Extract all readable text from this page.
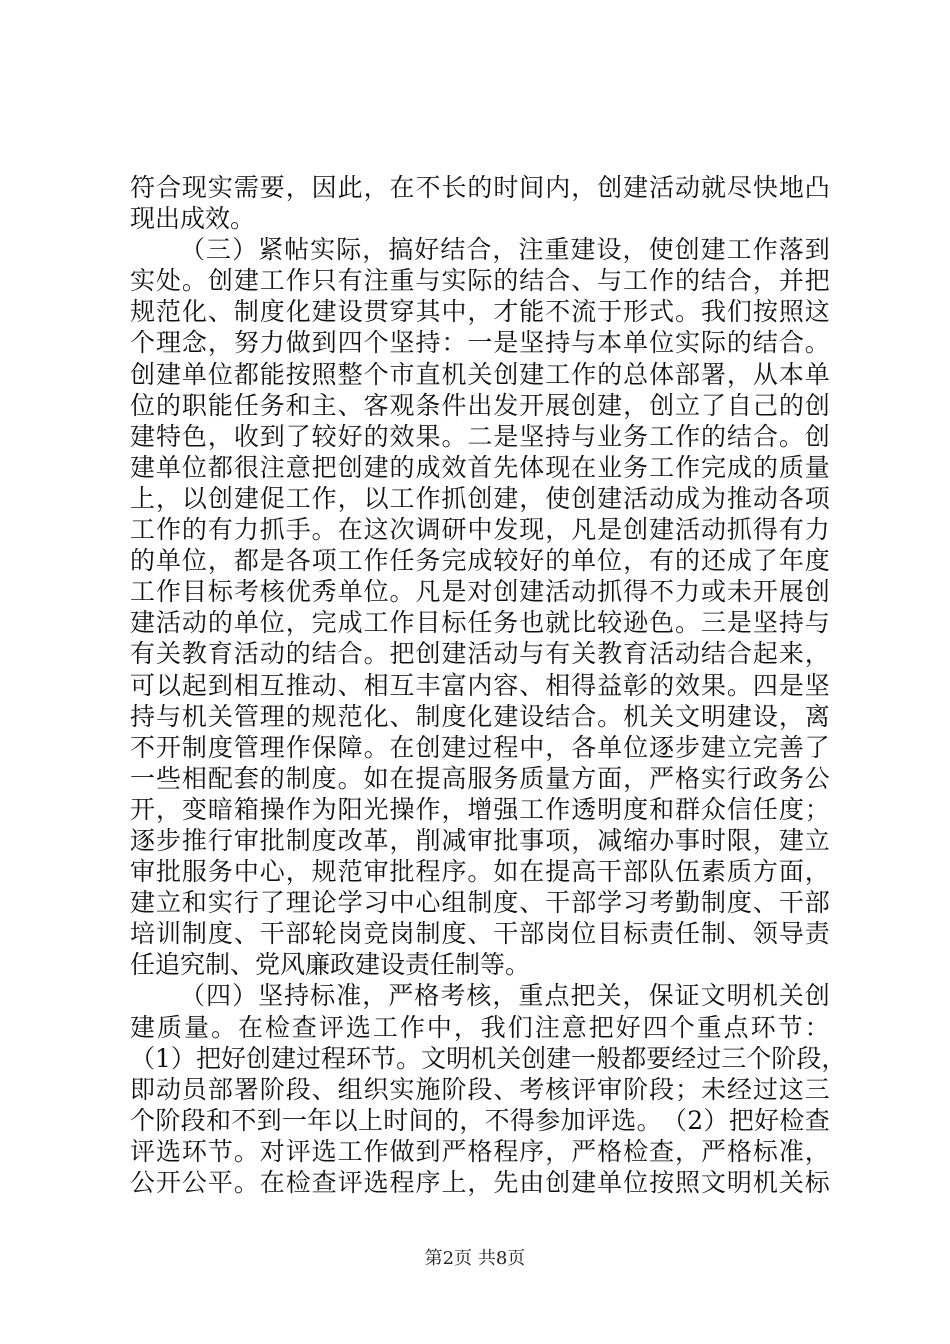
符 合 现 实 需 要 ， 因 此 ， 在 不 长 的 时 间 内 ， 创 建 活 动 就 尽 快 地 凸
现出成效。
（ 三 ） 紧 帖 实 际 ， 搞 好 结 合 ， 注 重 建 设 ， 使 创 建 工 作 落 到
实 处 。 创 建 工 作 只 有 注 重 与 实 际 的 结 合 、 与 工 作 的 结 合 ， 并 把
规 范 化 、 制 度 化 建 设 贯 穿 其 中 ， 才 能 不 流 于 形 式 。 我 们 按 照 这
个 理 念 ， 努 力 做 到 四 个 坚 持 ： 一 是 坚 持 与 本 单 位 实 际 的 结 合 。
创 建 单 位 都 能 按 照 整 个 市 直 机 关 创 建 工 作 的 总 体 部 署 ， 从 本 单
位 的 职 能 任 务 和 主 、 客 观 条 件 出 发 开 展 创 建 ， 创 立 了 自 己 的 创
建 特 色 ， 收 到 了 较 好 的 效 果 。 二 是 坚 持 与 业 务 工 作 的 结 合 。 创
建 单 位 都 很 注 意 把 创 建 的 成 效 首 先 体 现 在 业 务 工 作 完 成 的 质 量
上 ， 以 创 建 促 工 作 ， 以 工 作 抓 创 建 ， 使 创 建 活 动 成 为 推 动 各 项
工 作 的 有 力 抓 手 。 在 这 次 调 研 中 发 现 ， 凡 是 创 建 活 动 抓 得 有 力
的 单 位 ， 都 是 各 项 工 作 任 务 完 成 较 好 的 单 位 ， 有 的 还 成 了 年 度
工 作 目 标 考 核 优 秀 单 位 。 凡 是 对 创 建 活 动 抓 得 不 力 或 未 开 展 创
建 活 动 的 单 位 ， 完 成 工 作 目 标 任 务 也 就 比 较 逊 色 。 三 是 坚 持 与
有 关 教 育 活 动 的 结 合 。 把 创 建 活 动 与 有 关 教 育 活 动 结 合 起 来 ，
可 以 起 到 相 互 推 动 、 相 互 丰 富 内 容 、 相 得 益 彰 的 效 果 。 四 是 坚
持 与 机 关 管 理 的 规 范 化 、 制 度 化 建 设 结 合 。 机 关 文 明 建 设 ， 离
不 开 制 度 管 理 作 保 障 。 在 创 建 过 程 中 ， 各 单 位 逐 步 建 立 完 善 了
一 些 相 配 套 的 制 度 。 如 在 提 高 服 务 质 量 方 面 ， 严 格 实 行 政 务 公
开 ， 变 暗 箱 操 作 为 阳 光 操 作 ， 增 强 工 作 透 明 度 和 群 众 信 任 度 ；
逐 步 推 行 审 批 制 度 改 革 ， 削 减 审 批 事 项 ， 减 缩 办 事 时 限 ， 建 立
审 批 服 务 中 心 ， 规 范 审 批 程 序 。 如 在 提 高 干 部 队 伍 素 质 方 面 ，
建 立 和 实 行 了 理 论 学 习 中 心 组 制 度 、 干 部 学 习 考 勤 制 度 、 干 部
培 训 制 度 、 干 部 轮 岗 竞 岗 制 度 、 干 部 岗 位 目 标 责 任 制 、 领 导 责
任追究制、党风廉政建设责任制等。
（ 四 ） 坚 持 标 准 ， 严 格 考 核 ， 重 点 把 关 ， 保 证 文 明 机 关 创
建 质 量 。 在 检 查 评 选 工 作 中 ， 我 们 注 意 把 好 四 个 重 点 环 节 ：
（ 1 ） 把 好 创 建 过 程 环 节 。 文 明 机 关 创 建 一 般 都 要 经 过 三 个 阶 段 ，
即 动 员 部 署 阶 段 、 组 织 实 施 阶 段 、 考 核 评 审 阶 段 ； 未 经 过 这 三
个 阶 段 和 不 到 一 年 以 上 时 间 的 ， 不 得 参 加 评 选 。 （ 2 ） 把 好 检 查
评 选 环 节 。 对 评 选 工 作 做 到 严 格 程 序 ， 严 格 检 查 ， 严 格 标 准 ，
公 开 公 平 。 在 检 查 评 选 程 序 上 ， 先 由 创 建 单 位 按 照 文 明 机 关 标
第2页 共8页
